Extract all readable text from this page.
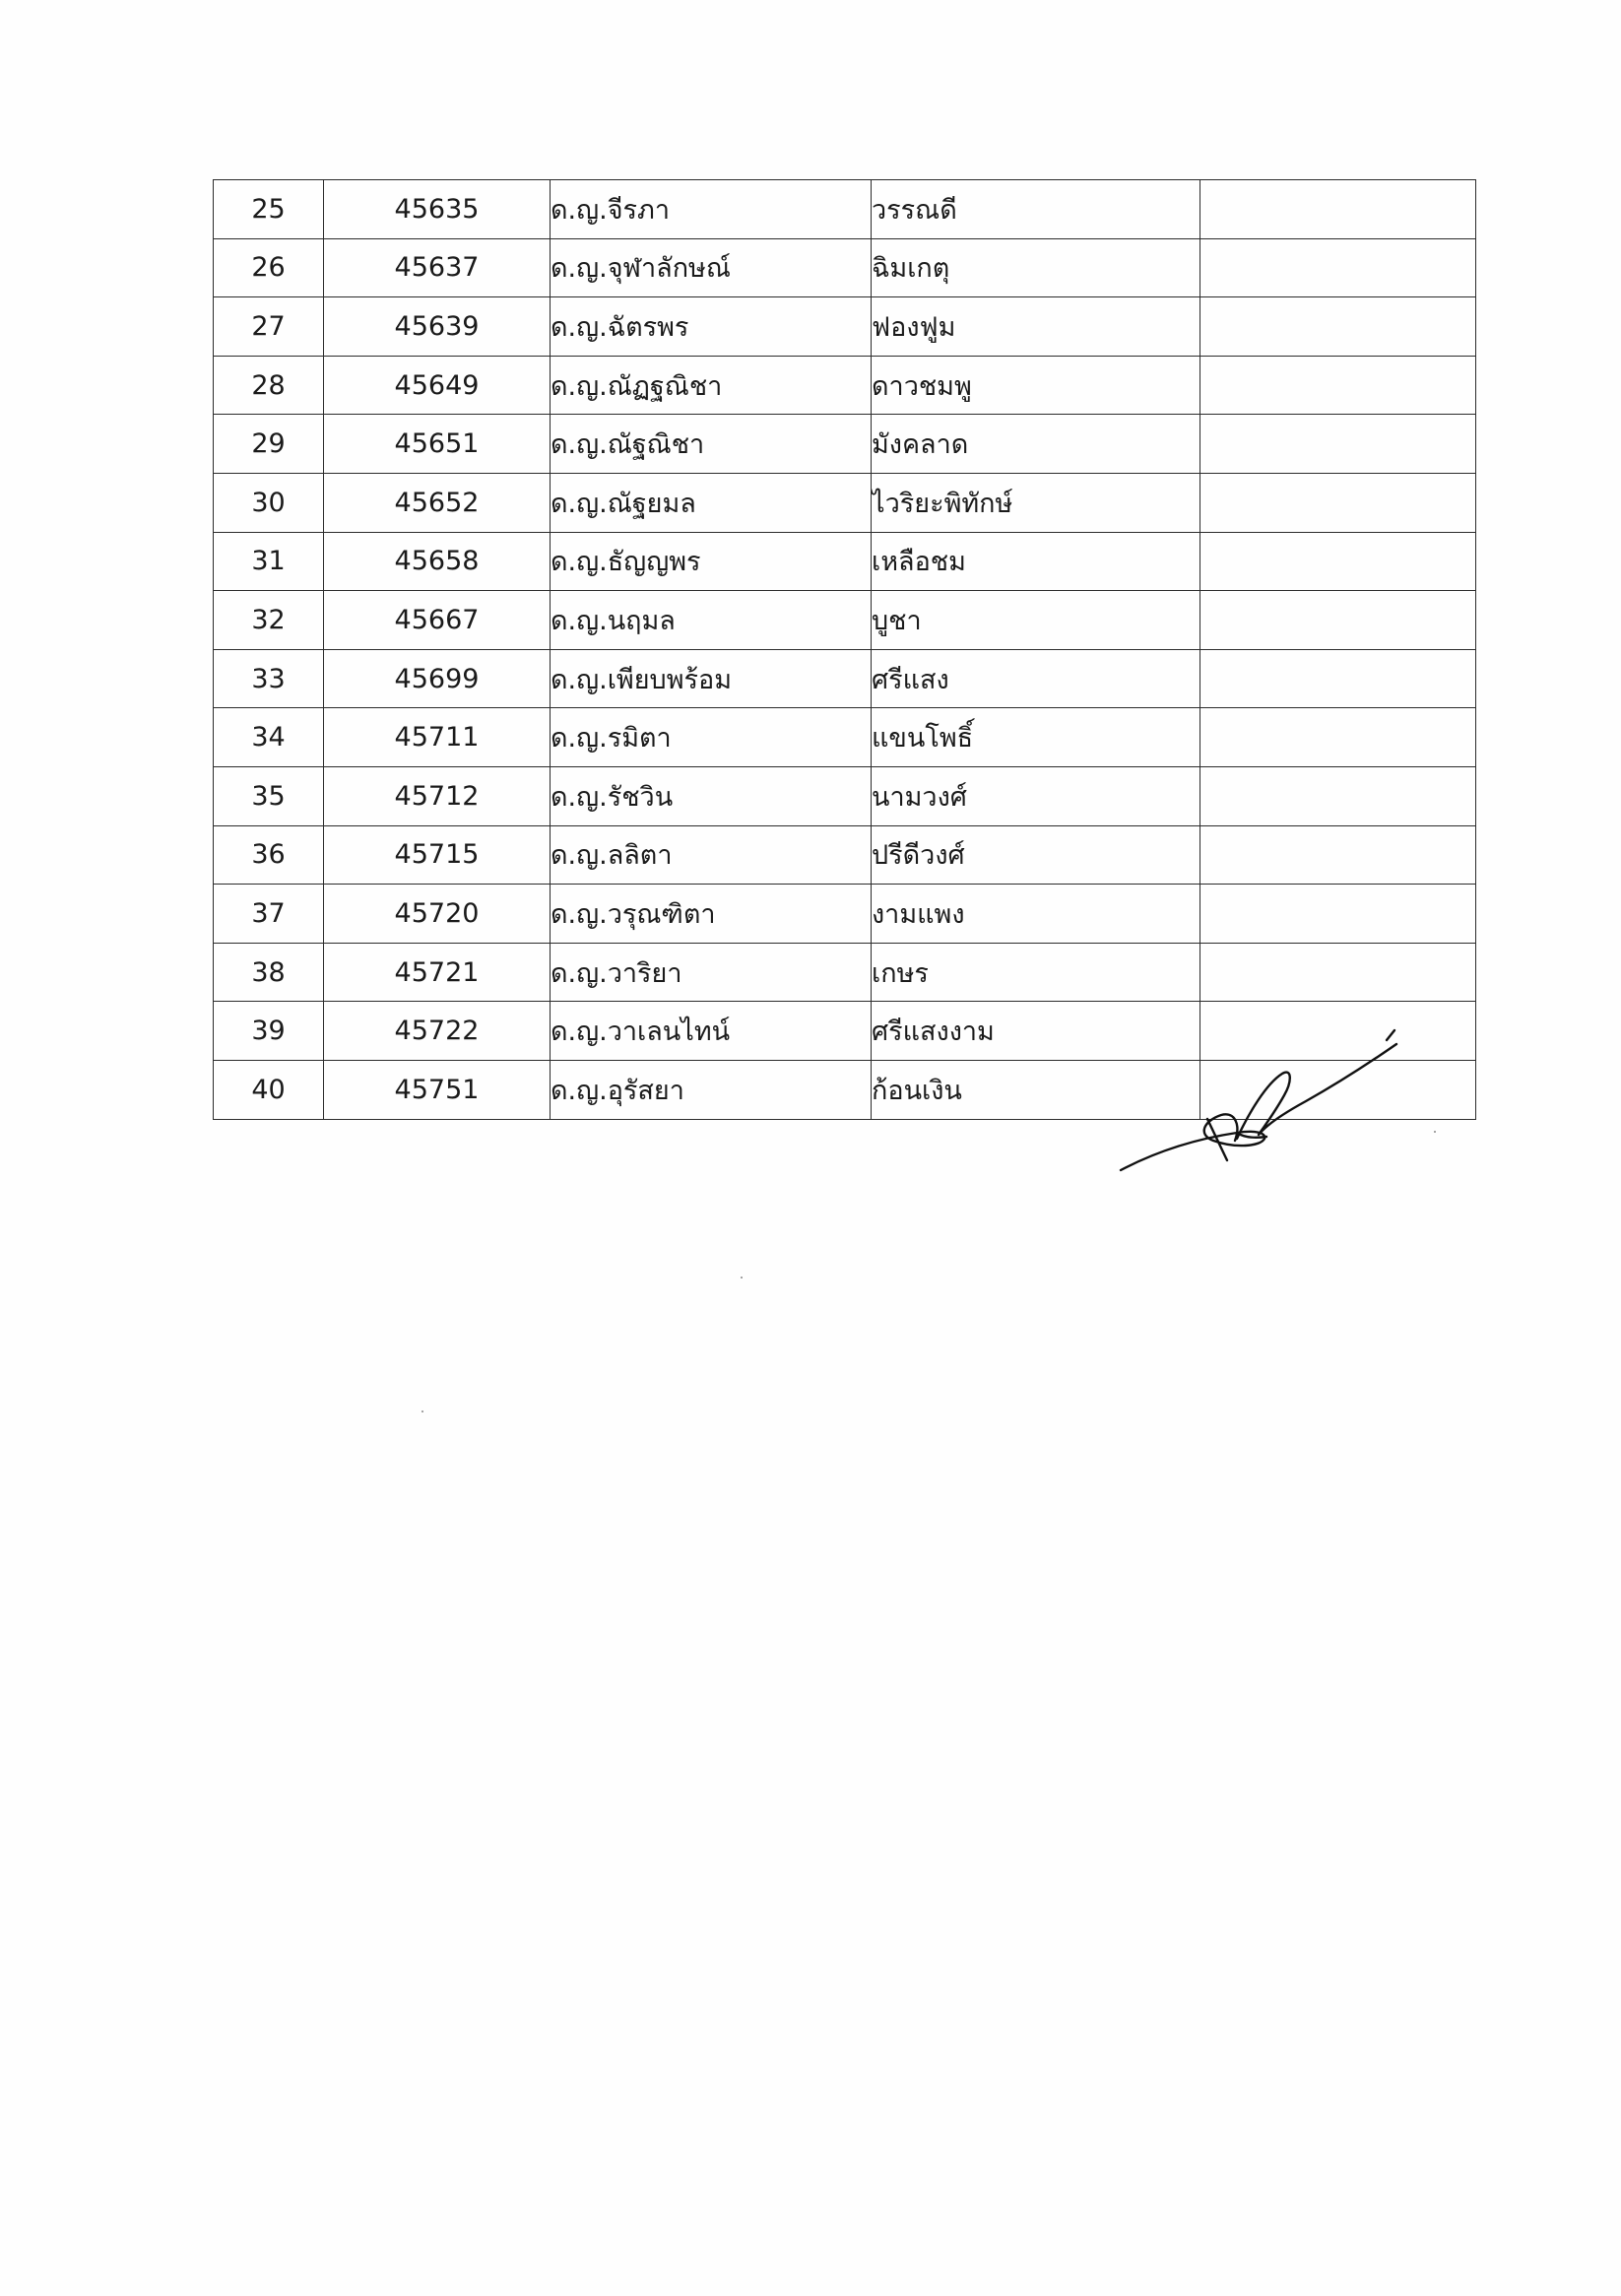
25	45635	ด.ญ.จีรภา	วรรณดี	
26	45637	ด.ญ.จุฬาลักษณ์	ฉิมเกตุ	
27	45639	ด.ญ.ฉัตรพร	ฟองฟูม	
28	45649	ด.ญ.ณัฏฐณิชา	ดาวชมพู	
29	45651	ด.ญ.ณัฐณิชา	มังคลาด	
30	45652	ด.ญ.ณัฐยมล	ไวริยะพิทักษ์	
31	45658	ด.ญ.ธัญญพร	เหลือชม	
32	45667	ด.ญ.นฤมล	บูชา	
33	45699	ด.ญ.เพียบพร้อม	ศรีแสง	
34	45711	ด.ญ.รมิตา	แขนโพธิ์	
35	45712	ด.ญ.รัชวิน	นามวงศ์	
36	45715	ด.ญ.ลลิตา	ปรีดีวงศ์	
37	45720	ด.ญ.วรุณฑิตา	งามแพง	
38	45721	ด.ญ.วาริยา	เกษร	
39	45722	ด.ญ.วาเลนไทน์	ศรีแสงงาม	
40	45751	ด.ญ.อุรัสยา	ก้อนเงิน	
